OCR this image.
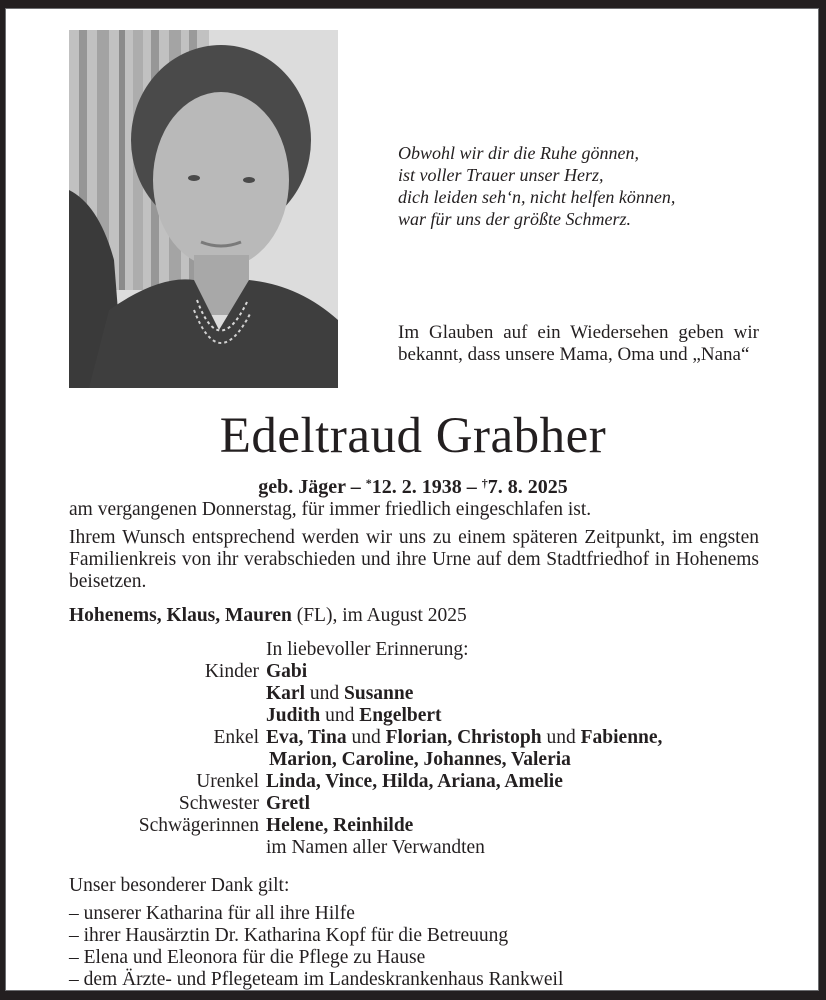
Obwohl wir dir die Ruhe gönnen,
ist voller Trauer unser Herz,
dich leiden seh‘n, nicht helfen können,
war für uns der größte Schmerz.
Im Glauben auf ein Wiedersehen geben wir bekannt, dass unsere Mama, Oma und „Nana“
Edeltraud Grabher
geb. Jäger – *12. 2. 1938 – †7. 8. 2025
am vergangenen Donnerstag, für immer friedlich eingeschlafen ist.
Ihrem Wunsch entsprechend werden wir uns zu einem späteren Zeitpunkt, im engsten Familienkreis von ihr verabschieden und ihre Urne auf dem Stadtfriedhof in Hohenems beisetzen.
Hohenems, Klaus, Mauren (FL), im August 2025
In liebevoller Erinnerung:
Kinder Gabi
Karl und Susanne
Judith und Engelbert
Enkel Eva, Tina und Florian, Christoph und Fabienne,
Marion, Caroline, Johannes, Valeria
Urenkel Linda, Vince, Hilda, Ariana, Amelie
Schwester Gretl
Schwägerinnen Helene, Reinhilde
im Namen aller Verwandten
Unser besonderer Dank gilt:
– unserer Katharina für all ihre Hilfe
– ihrer Hausärztin Dr. Katharina Kopf für die Betreuung
– Elena und Eleonora für die Pflege zu Hause
– dem Ärzte- und Pflegeteam im Landeskrankenhaus Rankweil
